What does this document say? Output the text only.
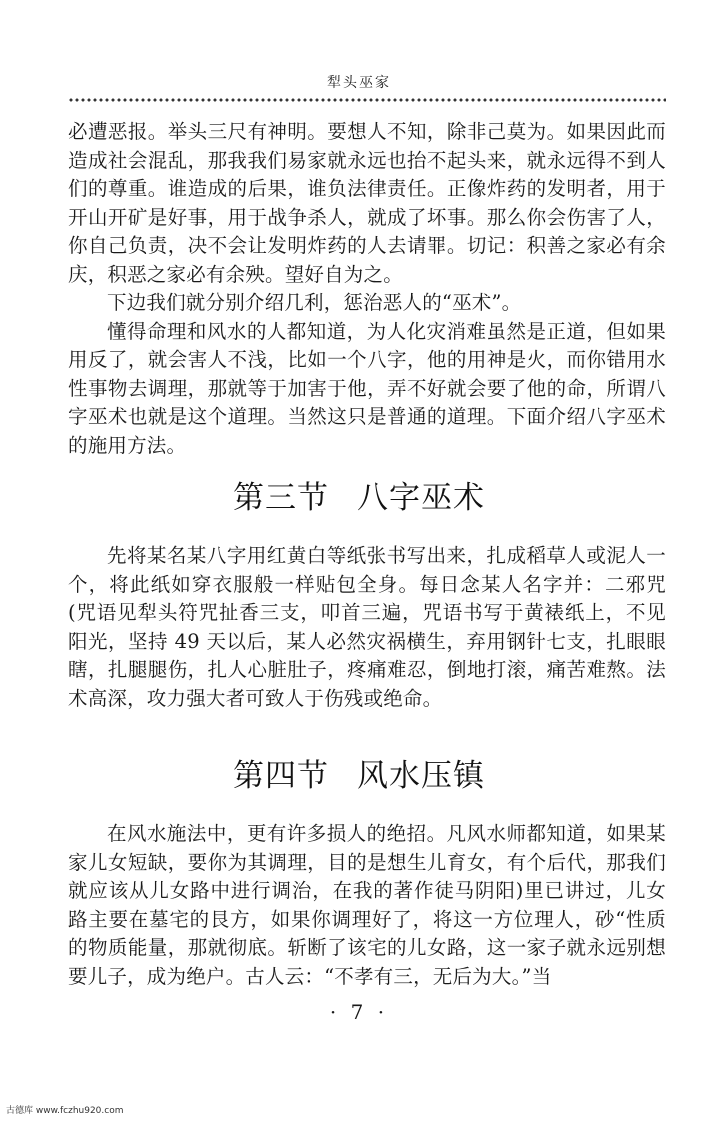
犁头巫家

必遭恶报。举头三尺有神明。要想人不知，除非己莫为。如果因此而造成社会混乱，那我我们易家就永远也抬不起头来，就永远得不到人们的尊重。谁造成的后果，谁负法律责任。正像炸药的发明者，用于开山开矿是好事，用于战争杀人，就成了坏事。那么你会伤害了人，你自己负责，决不会让发明炸药的人去请罪。切记：积善之家必有余庆，积恶之家必有余殃。望好自为之。

下边我们就分别介绍几利，惩治恶人的“巫术”。

懂得命理和风水的人都知道，为人化灾消难虽然是正道，但如果用反了，就会害人不浅，比如一个八字，他的用神是火，而你错用水性事物去调理，那就等于加害于他，弄不好就会要了他的命，所谓八字巫术也就是这个道理。当然这只是普通的道理。下面介绍八字巫术的施用方法。

第三节 八字巫术

先将某名某八字用红黄白等纸张书写出来，扎成稻草人或泥人一个，将此纸如穿衣服般一样贴包全身。每日念某人名字并：二邪咒(咒语见犁头符咒扯香三支，叩首三遍，咒语书写于黄裱纸上，不见阳光，坚持 49 天以后，某人必然灾祸横生，弃用钢针七支，扎眼眼瞎，扎腿腿伤，扎人心脏肚子，疼痛难忍，倒地打滚，痛苦难熬。法术高深，攻力强大者可致人于伤残或绝命。

第四节 风水压镇

在风水施法中，更有许多损人的绝招。凡风水师都知道，如果某家儿女短缺，要你为其调理，目的是想生儿育女，有个后代，那我们就应该从儿女路中进行调治，在我的著作徒马阴阳)里已讲过，儿女路主要在墓宅的艮方，如果你调理好了，将这一方位理人，砂“性质的物质能量，那就彻底。斩断了该宅的儿女路，这一家子就永远别想要儿子，成为绝户。古人云：“不孝有三，无后为大。”当

· 7 ·
古德库 www.fczhu920.com
